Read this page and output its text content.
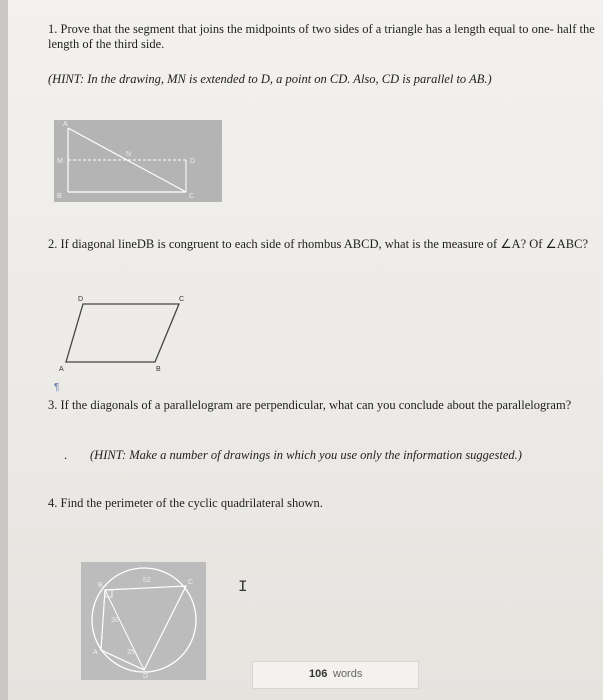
1. Prove that the segment that joins the midpoints of two sides of a triangle has a length equal to one- half the length of the third side.
(HINT: In the drawing, MN is extended to D, a point on CD. Also, CD is parallel to AB.)
A
M
N
D
B	C
2. If diagonal lineDB is congruent to each side of rhombus ABCD, what is the measure of ∠A? Of ∠ABC?
D	C
A	B
¶
3. If the diagonals of a parallelogram are perpendicular, what can you conclude about the parallelogram?
. (HINT: Make a number of drawings in which you use only the information suggested.)
4. Find the perimeter of the cyclic quadrilateral shown.
B	C
A
D
52
30
25
I
106 words
